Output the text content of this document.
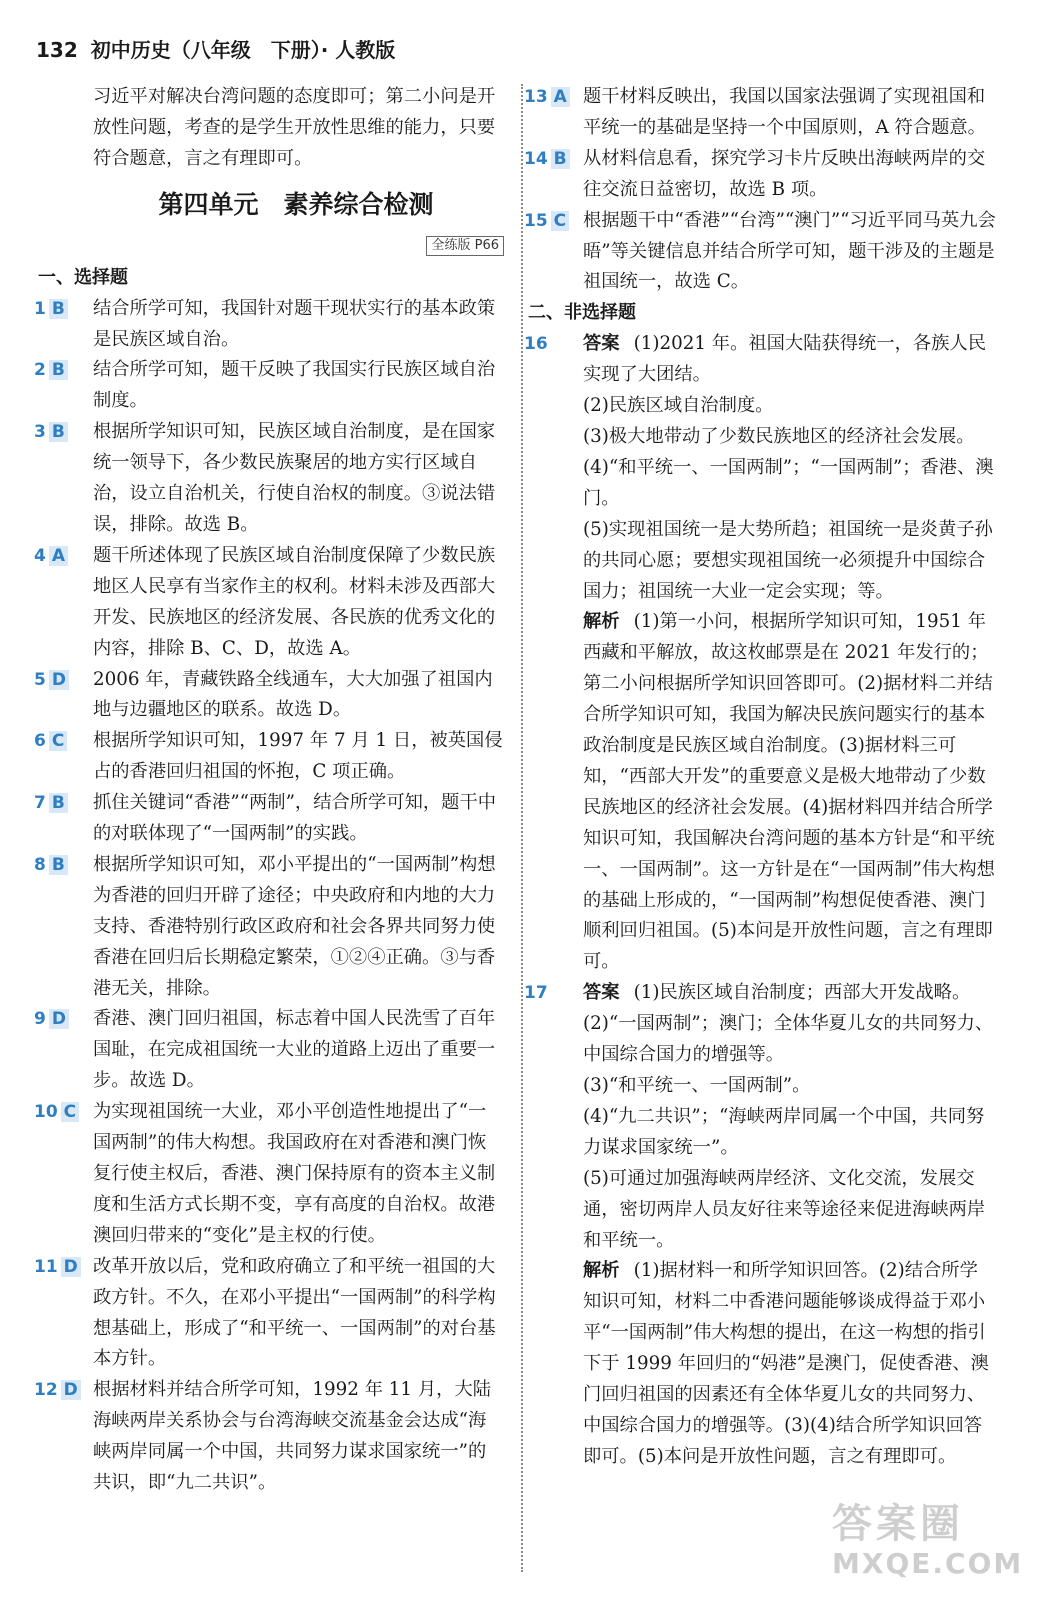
132 初中历史（八年级　下册）· 人教版

习近平对解决台湾问题的态度即可；第二小问是开放性问题，考查的是学生开放性思维的能力，只要符合题意，言之有理即可。

第四单元　素养综合检测
全练版 P66
一、选择题
1 B 结合所学可知，我国针对题干现状实行的基本政策是民族区域自治。
2 B 结合所学可知，题干反映了我国实行民族区域自治制度。
3 B 根据所学知识可知，民族区域自治制度，是在国家统一领导下，各少数民族聚居的地方实行区域自治，设立自治机关，行使自治权的制度。③说法错误，排除。故选 B。
4 A 题干所述体现了民族区域自治制度保障了少数民族地区人民享有当家作主的权利。材料未涉及西部大开发、民族地区的经济发展、各民族的优秀文化的内容，排除 B、C、D，故选 A。
5 D 2006 年，青藏铁路全线通车，大大加强了祖国内地与边疆地区的联系。故选 D。
6 C 根据所学知识可知，1997 年 7 月 1 日，被英国侵占的香港回归祖国的怀抱，C 项正确。
7 B 抓住关键词“香港”“两制”，结合所学可知，题干中的对联体现了“一国两制”的实践。
8 B 根据所学知识可知，邓小平提出的“一国两制”构想为香港的回归开辟了途径；中央政府和内地的大力支持、香港特别行政区政府和社会各界共同努力使香港在回归后长期稳定繁荣，①②④正确。③与香港无关，排除。
9 D 香港、澳门回归祖国，标志着中国人民洗雪了百年国耻，在完成祖国统一大业的道路上迈出了重要一步。故选 D。
10 C 为实现祖国统一大业，邓小平创造性地提出了“一国两制”的伟大构想。我国政府在对香港和澳门恢复行使主权后，香港、澳门保持原有的资本主义制度和生活方式长期不变，享有高度的自治权。故港澳回归带来的“变化”是主权的行使。
11 D 改革开放以后，党和政府确立了和平统一祖国的大政方针。不久，在邓小平提出“一国两制”的科学构想基础上，形成了“和平统一、一国两制”的对台基本方针。
12 D 根据材料并结合所学可知，1992 年 11 月，大陆海峡两岸关系协会与台湾海峡交流基金会达成“海峡两岸同属一个中国，共同努力谋求国家统一”的共识，即“九二共识”。
13 A 题干材料反映出，我国以国家法强调了实现祖国和平统一的基础是坚持一个中国原则，A 符合题意。
14 B 从材料信息看，探究学习卡片反映出海峡两岸的交往交流日益密切，故选 B 项。
15 C 根据题干中“香港”“台湾”“澳门”“习近平同马英九会晤”等关键信息并结合所学可知，题干涉及的主题是祖国统一，故选 C。
二、非选择题
16 答案 (1)2021 年。祖国大陆获得统一，各族人民实现了大团结。

(2)民族区域自治制度。

(3)极大地带动了少数民族地区的经济社会发展。

(4)“和平统一、一国两制”；“一国两制”；香港、澳门。

(5)实现祖国统一是大势所趋；祖国统一是炎黄子孙的共同心愿；要想实现祖国统一必须提升中国综合国力；祖国统一大业一定会实现；等。

解析 (1)第一小问，根据所学知识可知，1951 年西藏和平解放，故这枚邮票是在 2021 年发行的；第二小问根据所学知识回答即可。(2)据材料二并结合所学知识可知，我国为解决民族问题实行的基本政治制度是民族区域自治制度。(3)据材料三可知，“西部大开发”的重要意义是极大地带动了少数民族地区的经济社会发展。(4)据材料四并结合所学知识可知，我国解决台湾问题的基本方针是“和平统一、一国两制”。这一方针是在“一国两制”伟大构想的基础上形成的，“一国两制”构想促使香港、澳门顺利回归祖国。(5)本问是开放性问题，言之有理即可。

17 答案 (1)民族区域自治制度；西部大开发战略。

(2)“一国两制”；澳门；全体华夏儿女的共同努力、中国综合国力的增强等。

(3)“和平统一、一国两制”。

(4)“九二共识”；“海峡两岸同属一个中国，共同努力谋求国家统一”。

(5)可通过加强海峡两岸经济、文化交流，发展交通，密切两岸人员友好往来等途径来促进海峡两岸和平统一。

解析 (1)据材料一和所学知识回答。(2)结合所学知识可知，材料二中香港问题能够谈成得益于邓小平“一国两制”伟大构想的提出，在这一构想的指引下于 1999 年回归的“妈港”是澳门，促使香港、澳门回归祖国的因素还有全体华夏儿女的共同努力、中国综合国力的增强等。(3)(4)结合所学知识回答即可。(5)本问是开放性问题，言之有理即可。

答案圈
MXQE.COM
